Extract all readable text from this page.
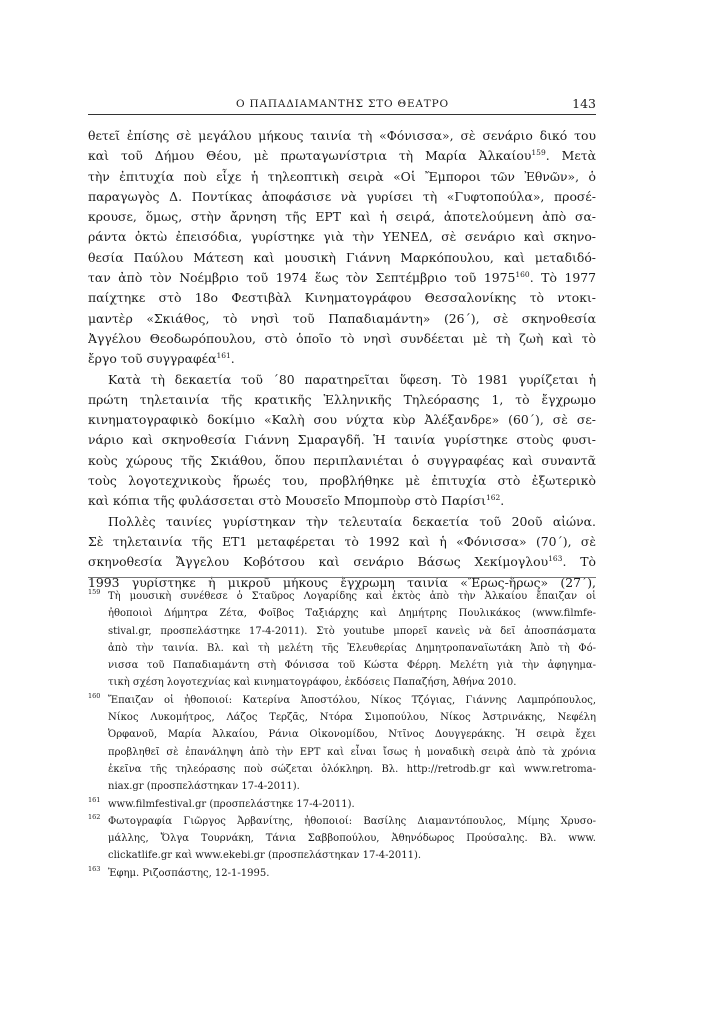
Ο ΠΑΠΑΔΙΑΜΑΝΤΗΣ ΣΤΟ ΘΕΑΤΡΟ	143
θετεῖ ἐπίσης σὲ μεγάλου μήκους ταινία τὴ «Φόνισσα», σὲ σενάριο δικό του
καὶ τοῦ Δήμου Θέου, μὲ πρωταγωνίστρια τὴ Μαρία Ἀλκαίου$^{159}$. Μετὰ
τὴν ἐπιτυχία ποὺ εἶχε ἡ τηλεοπτικὴ σειρὰ «Οἱ Ἔμποροι τῶν Ἐθνῶν», ὁ
παραγωγὸς Δ. Ποντίκας ἀποφάσισε νὰ γυρίσει τὴ «Γυφτοπούλα», προσέ-
κρουσε, ὅμως, στὴν ἄρνηση τῆς ΕΡΤ καὶ ἡ σειρά, ἀποτελούμενη ἀπὸ σα-
ράντα ὀκτὼ ἐπεισόδια, γυρίστηκε γιὰ τὴν ΥΕΝΕΔ, σὲ σενάριο καὶ σκηνο-
θεσία Παύλου Μάτεση καὶ μουσικὴ Γιάννη Μαρκόπουλου, καὶ μεταδιδό-
ταν ἀπὸ τὸν Νοέμβριο τοῦ 1974 ἕως τὸν Σεπτέμβριο τοῦ 1975$^{160}$. Τὸ 1977
παίχτηκε στὸ 18ο Φεστιβὰλ Κινηματογράφου Θεσσαλονίκης τὸ ντοκι-
μαντὲρ «Σκιάθος, τὸ νησὶ τοῦ Παπαδιαμάντη» (26΄), σὲ σκηνοθεσία
Ἀγγέλου Θεοδωρόπουλου, στὸ ὁποῖο τὸ νησὶ συνδέεται μὲ τὴ ζωὴ καὶ τὸ
ἔργο τοῦ συγγραφέα$^{161}$.
Κατὰ τὴ δεκαετία τοῦ ΄80 παρατηρεῖται ὕφεση. Τὸ 1981 γυρίζεται ἡ
πρώτη τηλεταινία τῆς κρατικῆς Ἑλληνικῆς Τηλεόρασης 1, τὸ ἔγχρωμο
κινηματογραφικὸ δοκίμιο «Καλὴ σου νύχτα κὺρ Ἀλέξανδρε» (60΄), σὲ σε-
νάριο καὶ σκηνοθεσία Γιάννη Σμαραγδῆ. Ἡ ταινία γυρίστηκε στοὺς φυσι-
κοὺς χώρους τῆς Σκιάθου, ὅπου περιπλανιέται ὁ συγγραφέας καὶ συναντᾶ
τοὺς λογοτεχνικοὺς ἥρωές του, προβλήθηκε μὲ ἐπιτυχία στὸ ἐξωτερικὸ
καὶ κόπια τῆς φυλάσσεται στὸ Μουσεῖο Μπομποὺρ στὸ Παρίσι$^{162}$.
Πολλὲς ταινίες γυρίστηκαν τὴν τελευταία δεκαετία τοῦ 20οῦ αἰώνα.
Σὲ τηλεταινία τῆς ΕΤ1 μεταφέρεται τὸ 1992 καὶ ἡ «Φόνισσα» (70΄), σὲ
σκηνοθεσία Ἄγγελου Κοβότσου καὶ σενάριο Βάσως Χεκίμογλου$^{163}$. Τὸ
1993 γυρίστηκε ἡ μικροῦ μήκους ἔγχρωμη ταινία «Ἔρως-ἥρως» (27΄),
159 Τὴ μουσικὴ συνέθεσε ὁ Σταῦρος Λογαρίδης καὶ ἐκτὸς ἀπὸ τὴν Ἀλκαίου ἔπαιζαν οἱ
ἠθοποιοὶ Δήμητρα Ζέτα, Φοῖβος Ταξιάρχης καὶ Δημήτρης Πουλικάκος (www.filmfe-
stival.gr, προσπελάστηκε 17-4-2011). Στὸ youtube μπορεῖ κανεὶς νὰ δεῖ ἀποσπάσματα
ἀπὸ τὴν ταινία. Βλ. καὶ τὴ μελέτη τῆς Ἐλευθερίας Δημητροπαναϊωτάκη Ἀπὸ τὴ Φό-
νισσα τοῦ Παπαδιαμάντη στὴ Φόνισσα τοῦ Κώστα Φέρρη. Μελέτη γιὰ τὴν ἀφηγημα-
τικὴ σχέση λογοτεχνίας καὶ κινηματογράφου, ἐκδόσεις Παπαζήση, Ἀθήνα 2010.
160 Ἔπαιζαν οἱ ἠθοποιοί: Κατερίνα Ἀποστόλου, Νίκος Τζόγιας, Γιάννης Λαμπρόπουλος,
Νίκος Λυκομήτρος, Λάζος Τερζᾶς, Ντόρα Σιμοπούλου, Νίκος Ἀστρινάκης, Νεφέλη
Ὀρφανοῦ, Μαρία Ἀλκαίου, Ράνια Οἰκονομίδου, Ντῖνος Δουγγεράκης. Ἡ σειρὰ ἔχει
προβληθεῖ σὲ ἐπανάληψη ἀπὸ τὴν ΕΡΤ καὶ εἶναι ἴσως ἡ μοναδικὴ σειρὰ ἀπὸ τὰ χρόνια
ἐκεῖνα τῆς τηλεόρασης ποὺ σώζεται ὁλόκληρη. Βλ. http://retrodb.gr καὶ www.retroma-
niax.gr (προσπελάστηκαν 17-4-2011).
161 www.filmfestival.gr (προσπελάστηκε 17-4-2011).
162 Φωτογραφία Γιῶργος Ἀρβανίτης, ἠθοποιοί: Βασίλης Διαμαντόπουλος, Μίμης Χρυσο-
μάλλης, Ὄλγα Τουρνάκη, Τάνια Σαββοπούλου, Ἀθηνόδωρος Προύσαλης. Βλ. www.
clickatlife.gr καὶ www.ekebi.gr (προσπελάστηκαν 17-4-2011).
163 Ἐφημ. Ριζοσπάστης, 12-1-1995.
